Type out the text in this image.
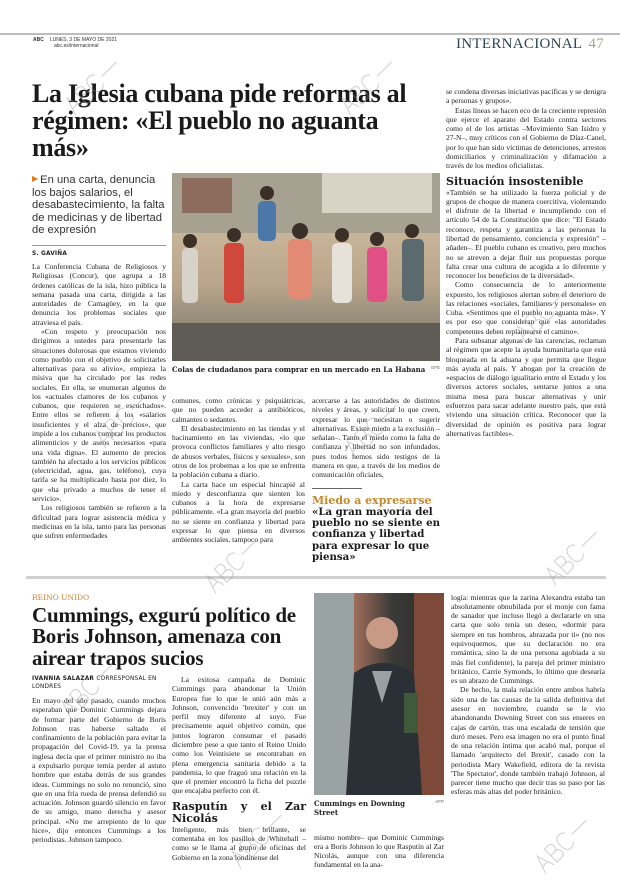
ABC LUNES, 3 DE MAYO DE 2021
abc.es/internacional	INTERNACIONAL 47
La Iglesia cubana pide reformas al régimen: «El pueblo no aguanta más»
▶ En una carta, denuncia los bajos salarios, el desabastecimiento, la falta de medicinas y de libertad de expresión
S. GAVIÑA

La Conferencia Cubana de Religiosos y Religiosas (Concur), que agrupa a 18 órdenes católicas de la isla, hizo pública la semana pasada una carta, dirigida a las autoridades de Camagüey, en la que denuncia los problemas sociales que atraviesa el país.

«Con respeto y preocupación nos dirigimos a ustedes para presentarle las situaciones dolorosas que estamos viviendo como pueblo con el objetivo de solicitarles alternativas para su alivio», empieza la misiva que ha circulado por las redes sociales. En ella, se enumeran algunos de los «actuales clamores de los cubanos y cubanos, que requieren se escuchados». Entre ellos se refieren a los «salarios insuficientes y el alza de precios», que impide a los cubanos comprar los productos alimenticios y de aseos necesarios «para una vida digna». El aumento de precios también ha afectado a los servicios públicos (electricidad, agua, gas, teléfono), cuya tarifa se ha multiplicado hasta por diez, lo que «ha privado a muchos de tener el servicio».

Los religiosos también se refieren a la dificultad para lograr asistencia médica y medicinas en la isla, tanto para las personas que sufren enfermedades

Colas de ciudadanos para comprar en un mercado en La Habana EFE

comunes, como crónicas y psiquiátricas, que no pueden acceder a antibióticos, calmantes o sedantes.

El desabastecimiento en las tiendas y el hacinamiento en las viviendas, «lo que provoca conflictos familiares y alto riesgo de abusos verbales, físicos y sexuales», son otros de los probemas a los que se enfrenta la población cubana a diario.

La carta hace un especial hincapié al miedo y desconfianza que sienten los cubanos a la hora de expresarse públicamente. «La gran mayoría del pueblo no se siente en confianza y libertad para expresar lo que piensa en diversos ambientes sociales, tampoco para

acercarse a las autoridades de distintos niveles y áreas, y solicitar lo que creen, expresar lo que necesitan o sugerir alternativas. Existe miedo a la exclusión –señalan–. Tanto el miedo como la falta de confianza y libertad no son infundados, pues todos hemos sido testigos de la manera en que, a través de los medios de comunicación oficiales,

Miedo a expresarse
«La gran mayoría del pueblo no se siente en confianza y libertad para expresar lo que piensa»

se condena diversas iniciativas pacíficas y se denigra a personas y grupos».

Estas líneas se hacen eco de la creciente represión que ejerce el aparato del Estado contra sectores como el de los artistas –Movimiento San Isidro y 27-N–, muy críticos con el Gobierno de Díaz-Canel, por lo que han sido víctimas de detenciones, arrestos domiciliarios y criminalización y difamación a través de los medios oficialistas.

Situación insostenible

«También se ha utilizado la fuerza policial y de grupos de choque de manera coercitiva, violentando el disfrute de la libertad e incumpliendo con el artículo 54 de la Constitución que dice: "El Estado reconoce, respeta y garantiza a las personas la libertad de pensamiento, conciencia y expresión" –añaden–. El pueblo cubano es creativo, pero muchos no se atreven a dejar fluir sus propuestas porque falta crear una cultura de acogida a lo diferente y reconocer los beneficios de la diversidad».

Como consecuencia de lo anteriormente expuesto, los religiosos alertan sobre el deterioro de las relaciones «sociales, familiares y personales» en Cuba. «Sentimos que el pueblo no aguanta más». Y es por eso que consideran que «las autoridades competentes deben replantearse el camino».

Para subsanar algunas de las carencias, reclaman al régimen que acepte la ayuda humanitaria que está bloqueada en la aduana y que permita que llegue más ayuda al país. Y abogan por la creación de «espacios de diálogo igualitario entre el Estado y los diversos actores sociales, sentarse juntos a una misma mesa para buscar alternativas y unir esfuerzos para sacar adelante nuestro país, que está viviendo una situación crítica. Reconocer que la diversidad de opinión es positiva para lograr alternativas factibles».

REINO UNIDO
Cummings, exgurú político de Boris Johnson, amenaza con airear trapos sucios
IVANNIA SALAZAR CORRESPONSAL EN LONDRES

En mayo del año pasado, cuando muchos esperaban que Dominic Cummings dejara de formar parte del Gobierno de Boris Johnson tras haberse saltado el confinamiento de la población para evitar la propagación del Covid-19, ya la prensa inglesa decía que el primer ministro no iba a expulsarlo porque temía perder al astuto hombre que estaba detrás de sus grandes ideas. Cummings no solo no renunció, sino que en una fría rueda de prensa defendió su actuación. Johnson guardó silencio en favor de su amigo, mano derecha y asesor principal. «No me arrepiento de lo que hice», dijo entonces Cummings a los periodistas. Johnson tampoco.

La exitosa campaña de Dominic Cummings para abandonar la Unión Europea fue lo que le unió aún más a Johnson, convencido 'brexiter' y con un perfil muy diferente al suyo. Fue precisamente aquel objetivo común, que juntos lograron consumar el pasado diciembre pese a que tanto el Reino Unido como los Veintisiete se encontraban en plena emergencia sanitaria debido a la pandemia, lo que fraguó una relación en la que el premier encontró la ficha del puzzle que encajaba perfecto con él.

Rasputín y el Zar Nicolás

Inteligente, más bien brillante, se comentaba en los pasillos de Whitehall –como se le llama al grupo de oficinas del Gobierno en la zona londinense del

Cummings en Downing Street
AFP

mismo nombre– que Dominic Cummings era a Boris Johnson lo que Rasputín al Zar Nicolás, aunque con una diferencia fundamental en la ana-

logía: mientras que la zarina Alexandra estaba tan absolutamente obnubilada por el monje con fama de sanador que incluso llegó a declararle en una carta que solo tenía un deseo, «dormir para siempre en tus hombros, abrazada por ti» (no nos equivoquemos, que su declaración no era romántica, sino la de una persona agobiada a su más fiel confidente), la pareja del primer ministro británico, Carrie Symonds, lo último que desearía es un abrazo de Cummings.

De hecho, la mala relación entre ambos habría sido una de las causas de la salida definitiva del asesor en noviembre, cuando se le vio abandonando Downing Street con sus enseres en cajas de cartón, tras una escalada de tensión que duró meses. Pero esa imagen no era el punto final de una relación íntima que acabó mal, porque el llamado 'arquitecto del Brexit', casado con la periodista Mary Wakefield, editora de la revista 'The Spectator', donde también trabajó Johnson, al parecer tiene mucho que decir tras su paso por las esferas más altas del poder británico.
